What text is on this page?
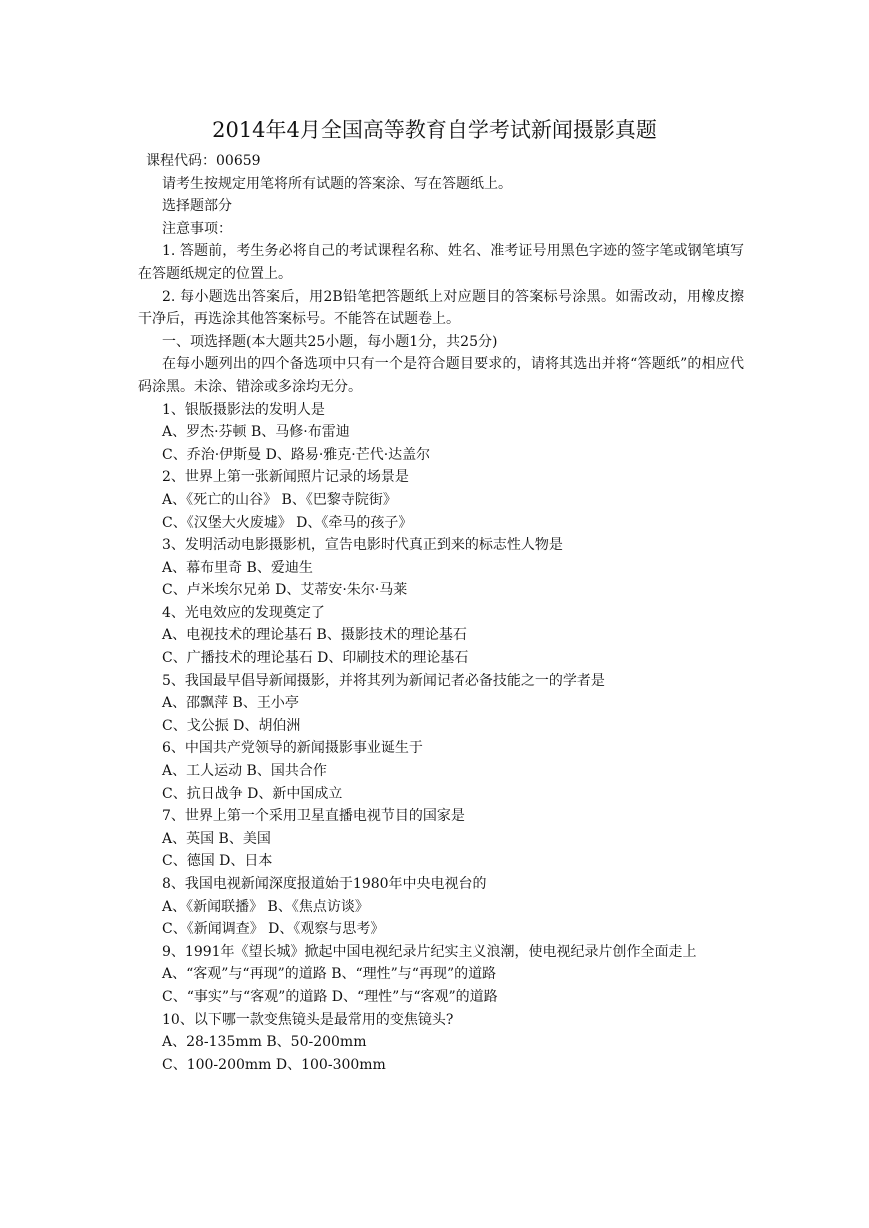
2014年4月全国高等教育自学考试新闻摄影真题
课程代码：00659
请考生按规定用笔将所有试题的答案涂、写在答题纸上。
选择题部分
注意事项：
1. 答题前，考生务必将自己的考试课程名称、姓名、准考证号用黑色字迹的签字笔或钢笔填写在答题纸规定的位置上。
2. 每小题选出答案后，用2B铅笔把答题纸上对应题目的答案标号涂黑。如需改动，用橡皮擦干净后，再选涂其他答案标号。不能答在试题卷上。
一、项选择题(本大题共25小题，每小题1分，共25分)
在每小题列出的四个备选项中只有一个是符合题目要求的，请将其选出并将“答题纸”的相应代码涂黑。未涂、错涂或多涂均无分。
1、银版摄影法的发明人是
A、罗杰·芬顿 B、马修·布雷迪
C、乔治·伊斯曼 D、路易·雅克·芒代·达盖尔
2、世界上第一张新闻照片记录的场景是
A、《死亡的山谷》 B、《巴黎寺院街》
C、《汉堡大火废墟》 D、《牵马的孩子》
3、发明活动电影摄影机，宣告电影时代真正到来的标志性人物是
A、幕布里奇 B、爱迪生
C、卢米埃尔兄弟 D、艾蒂安·朱尔·马莱
4、光电效应的发现奠定了
A、电视技术的理论基石 B、摄影技术的理论基石
C、广播技术的理论基石 D、印刷技术的理论基石
5、我国最早倡导新闻摄影，并将其列为新闻记者必备技能之一的学者是
A、邵飘萍 B、王小亭
C、戈公振 D、胡伯洲
6、中国共产党领导的新闻摄影事业诞生于
A、工人运动 B、国共合作
C、抗日战争 D、新中国成立
7、世界上第一个采用卫星直播电视节目的国家是
A、英国 B、美国
C、德国 D、日本
8、我国电视新闻深度报道始于1980年中央电视台的
A、《新闻联播》 B、《焦点访谈》
C、《新闻调查》 D、《观察与思考》
9、1991年《望长城》掀起中国电视纪录片纪实主义浪潮，使电视纪录片创作全面走上
A、“客观”与“再现”的道路 B、“理性”与“再现”的道路
C、“事实”与“客观”的道路 D、“理性”与“客观”的道路
10、以下哪一款变焦镜头是最常用的变焦镜头?
A、28-135mm B、50-200mm
C、100-200mm D、100-300mm
